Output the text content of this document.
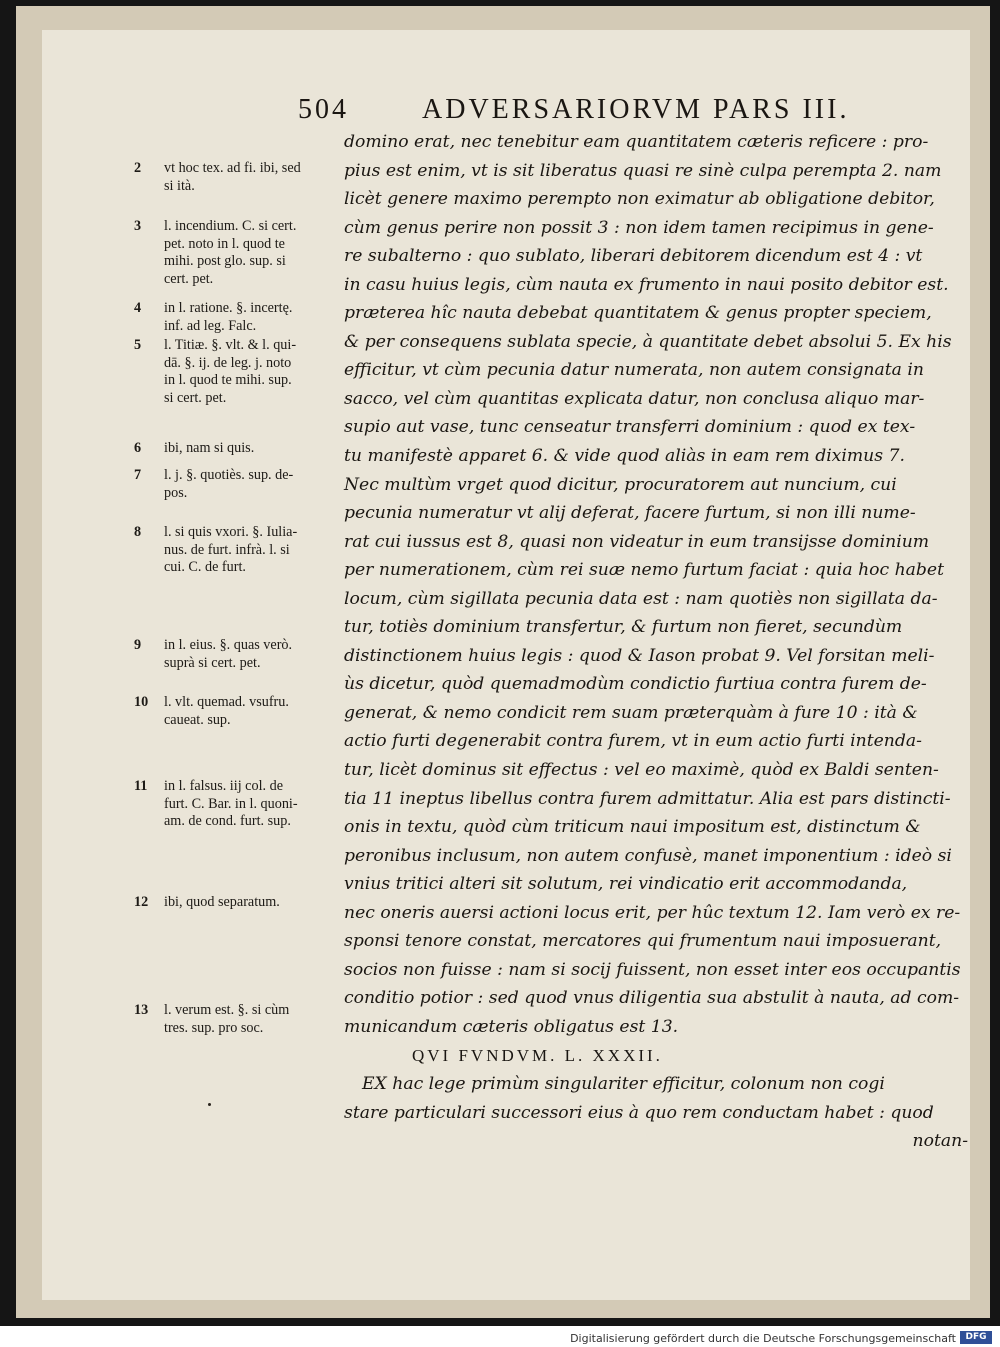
504	ADVERSARIORVM PARS III.
domino erat, nec tenebitur eam quantitatem cæteris reficere : pro-
pius est enim, vt is sit liberatus quasi re sinè culpa perempta 2. nam
licèt genere maximo perempto non eximatur ab obligatione debitor,
cùm genus perire non possit 3 : non idem tamen recipimus in gene-
re subalterno : quo sublato, liberari debitorem dicendum est 4 : vt
in casu huius legis, cùm nauta ex frumento in naui posito debitor est.
præterea hîc nauta debebat quantitatem & genus propter speciem,
& per consequens sublata specie, à quantitate debet absolui 5. Ex his
efficitur, vt cùm pecunia datur numerata, non autem consignata in
sacco, vel cùm quantitas explicata datur, non conclusa aliquo mar-
supio aut vase, tunc censeatur transferri dominium : quod ex tex-
tu manifestè apparet 6. & vide quod aliàs in eam rem diximus 7.
Nec multùm vrget quod dicitur, procuratorem aut nuncium, cui
pecunia numeratur vt alij deferat, facere furtum, si non illi nume-
rat cui iussus est 8, quasi non videatur in eum transijsse dominium
per numerationem, cùm rei suæ nemo furtum faciat : quia hoc habet
locum, cùm sigillata pecunia data est : nam quotiès non sigillata da-
tur, totiès dominium transfertur, & furtum non fieret, secundùm
distinctionem huius legis : quod & Iason probat 9. Vel forsitan meli-
ùs dicetur, quòd quemadmodùm condictio furtiua contra furem de-
generat, & nemo condicit rem suam præterquàm à fure 10 : ità &
actio furti degenerabit contra furem, vt in eum actio furti intenda-
tur, licèt dominus sit effectus : vel eo maximè, quòd ex Baldi senten-
tia 11 ineptus libellus contra furem admittatur. Alia est pars distincti-
onis in textu, quòd cùm triticum naui impositum est, distinctum &
peronibus inclusum, non autem confusè, manet imponentium : ideò si
vnius tritici alteri sit solutum, rei vindicatio erit accommodanda,
nec oneris auersi actioni locus erit, per hûc textum 12. Iam verò ex re-
sponsi tenore constat, mercatores qui frumentum naui imposuerant,
socios non fuisse : nam si socij fuissent, non esset inter eos occupantis
conditio potior : sed quod vnus diligentia sua abstulit à nauta, ad com-
municandum cæteris obligatus est 13.
QVI FVNDVM. L. XXXII.
EX hac lege primùm singulariter efficitur, colonum non cogi
stare particulari successori eius à quo rem conductam habet : quod
notan-
2	vt hoc tex. ad fi. ibi, sed
si ità.
3	l. incendium. C. si cert.
pet. noto in l. quod te
mihi. post glo. sup. si
cert. pet.
4	in l. ratione. §. incertę.
inf. ad leg. Falc.
5	l. Titiæ. §. vlt. & l. qui-
dā. §. ij. de leg. j. noto
in l. quod te mihi. sup.
si cert. pet.
6	ibi, nam si quis.
7	l. j. §. quotiès. sup. de-
pos.
8	l. si quis vxori. §. Iulia-
nus. de furt. infrà. l. si
cui. C. de furt.
9	in l. eius. §. quas verò.
suprà si cert. pet.
10	l. vlt. quemad. vsufru.
caueat. sup.
11	in l. falsus. iij col. de
furt. C. Bar. in l. quoni-
am. de cond. furt. sup.
12	ibi, quod separatum.
13	l. verum est. §. si cùm
tres. sup. pro soc.
Digitalisierung gefördert durch die Deutsche Forschungsgemeinschaft	DFG
